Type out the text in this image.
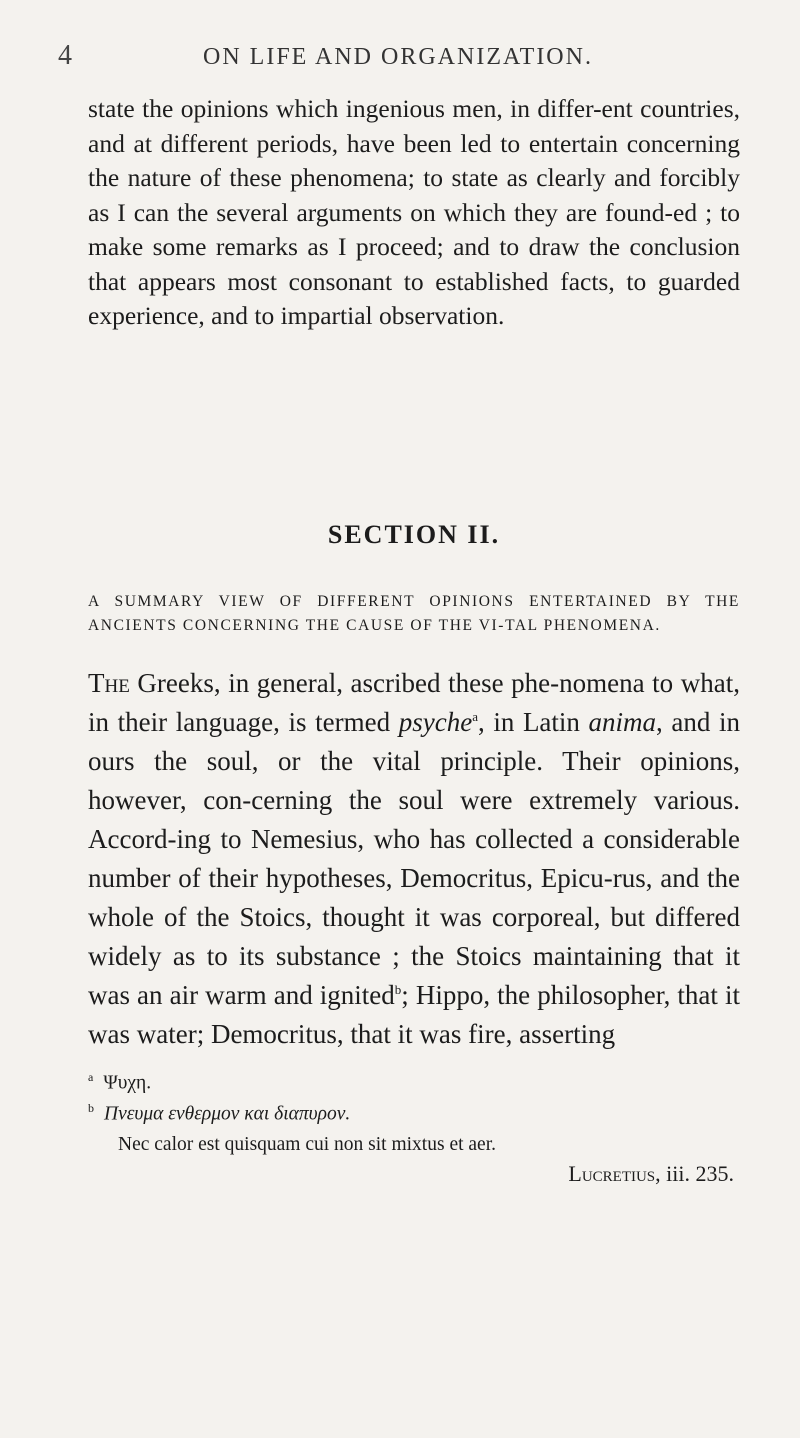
4	ON LIFE AND ORGANIZATION.

state the opinions which ingenious men, in differ-ent countries, and at different periods, have been led to entertain concerning the nature of these phenomena; to state as clearly and forcibly as I can the several arguments on which they are found-ed ; to make some remarks as I proceed; and to draw the conclusion that appears most consonant to established facts, to guarded experience, and to impartial observation.

SECTION II.

A SUMMARY VIEW OF DIFFERENT OPINIONS ENTERTAINED BY THE ANCIENTS CONCERNING THE CAUSE OF THE VI-TAL PHENOMENA.

The Greeks, in general, ascribed these phe-nomena to what, in their language, is termed psyche$^a$, in Latin anima, and in ours the soul, or the vital principle. Their opinions, however, con-cerning the soul were extremely various. Accord-ing to Nemesius, who has collected a considerable number of their hypotheses, Democritus, Epicu-rus, and the whole of the Stoics, thought it was corporeal, but differed widely as to its substance ; the Stoics maintaining that it was an air warm and ignited$^b$; Hippo, the philosopher, that it was water; Democritus, that it was fire, asserting

$^a$ Ψυχη.

$^b$ Πνευμα ενθερμον και διαπυρον.

Nec calor est quisquam cui non sit mixtus et aer.

Lucretius, iii. 235.
